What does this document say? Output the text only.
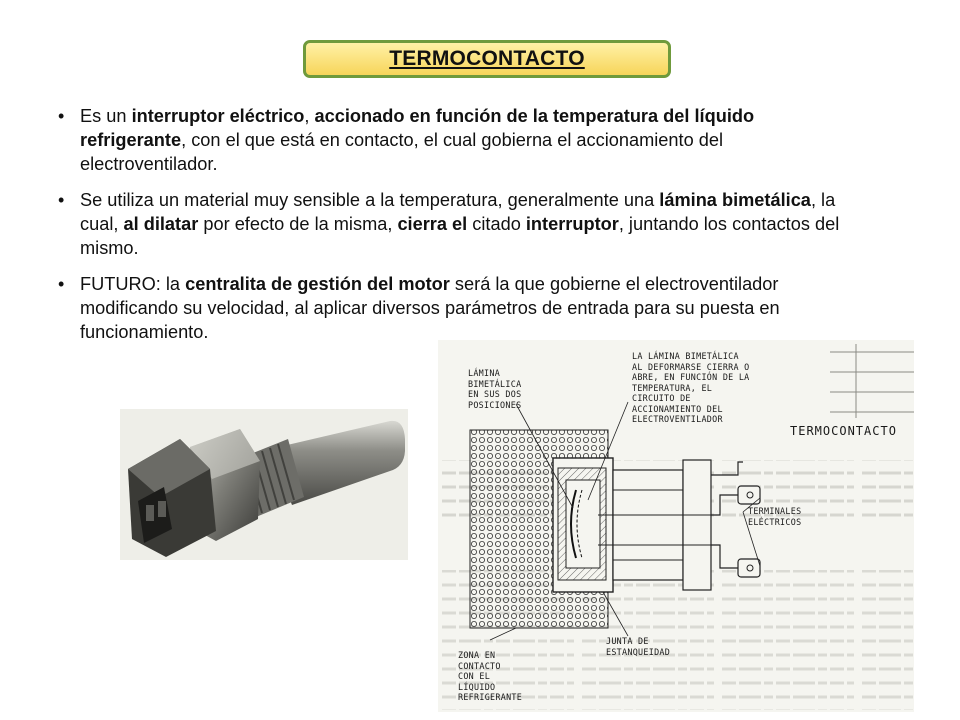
TERMOCONTACTO
• Es un interruptor eléctrico, accionado en función de la temperatura del líquido refrigerante, con el que está en contacto, el cual gobierna el accionamiento del electroventilador.
• Se utiliza un material muy sensible a la temperatura, generalmente una lámina bimetálica, la cual, al dilatar por efecto de la misma, cierra el citado interruptor, juntando los contactos del mismo.
• FUTURO: la centralita de gestión del motor será la que gobierne el electroventilador modificando su velocidad, al aplicar diversos parámetros de entrada para su puesta en funcionamiento.
LÁMINA
BIMETÁLICA
EN SUS DOS
POSICIONES
LA LÁMINA BIMETÁLICA
AL DEFORMARSE CIERRA O
ABRE, EN FUNCIÓN DE LA
TEMPERATURA, EL
CIRCUITO DE
ACCIONAMIENTO DEL
ELECTROVENTILADOR
TERMOCONTACTO
TERMINALES
ELÉCTRICOS
JUNTA DE
ESTANQUEIDAD
ZONA EN
CONTACTO
CON EL
LÍQUIDO
REFRIGERANTE
